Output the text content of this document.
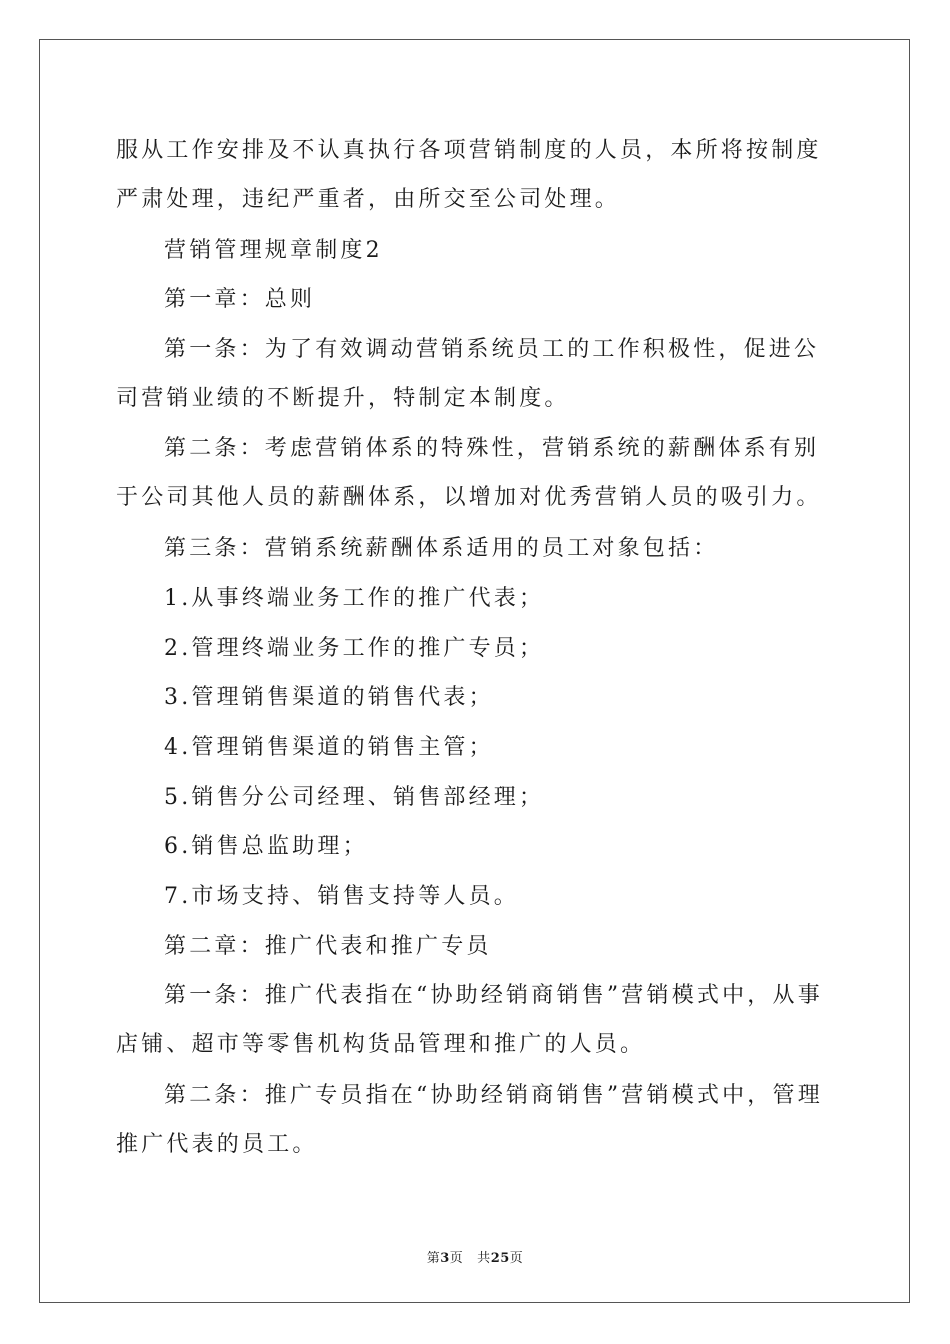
服从工作安排及不认真执行各项营销制度的人员，本所将按制度严肃处理，违纪严重者，由所交至公司处理。

营销管理规章制度2

第一章：总则

第一条：为了有效调动营销系统员工的工作积极性，促进公司营销业绩的不断提升，特制定本制度。

第二条：考虑营销体系的特殊性，营销系统的薪酬体系有别于公司其他人员的薪酬体系，以增加对优秀营销人员的吸引力。

第三条：营销系统薪酬体系适用的员工对象包括：

1.从事终端业务工作的推广代表；

2.管理终端业务工作的推广专员；

3.管理销售渠道的销售代表；

4.管理销售渠道的销售主管；

5.销售分公司经理、销售部经理；

6.销售总监助理；

7.市场支持、销售支持等人员。

第二章：推广代表和推广专员

第一条：推广代表指在“协助经销商销售”营销模式中，从事店铺、超市等零售机构货品管理和推广的人员。

第二条：推广专员指在“协助经销商销售”营销模式中，管理推广代表的员工。

第3页 共25页
